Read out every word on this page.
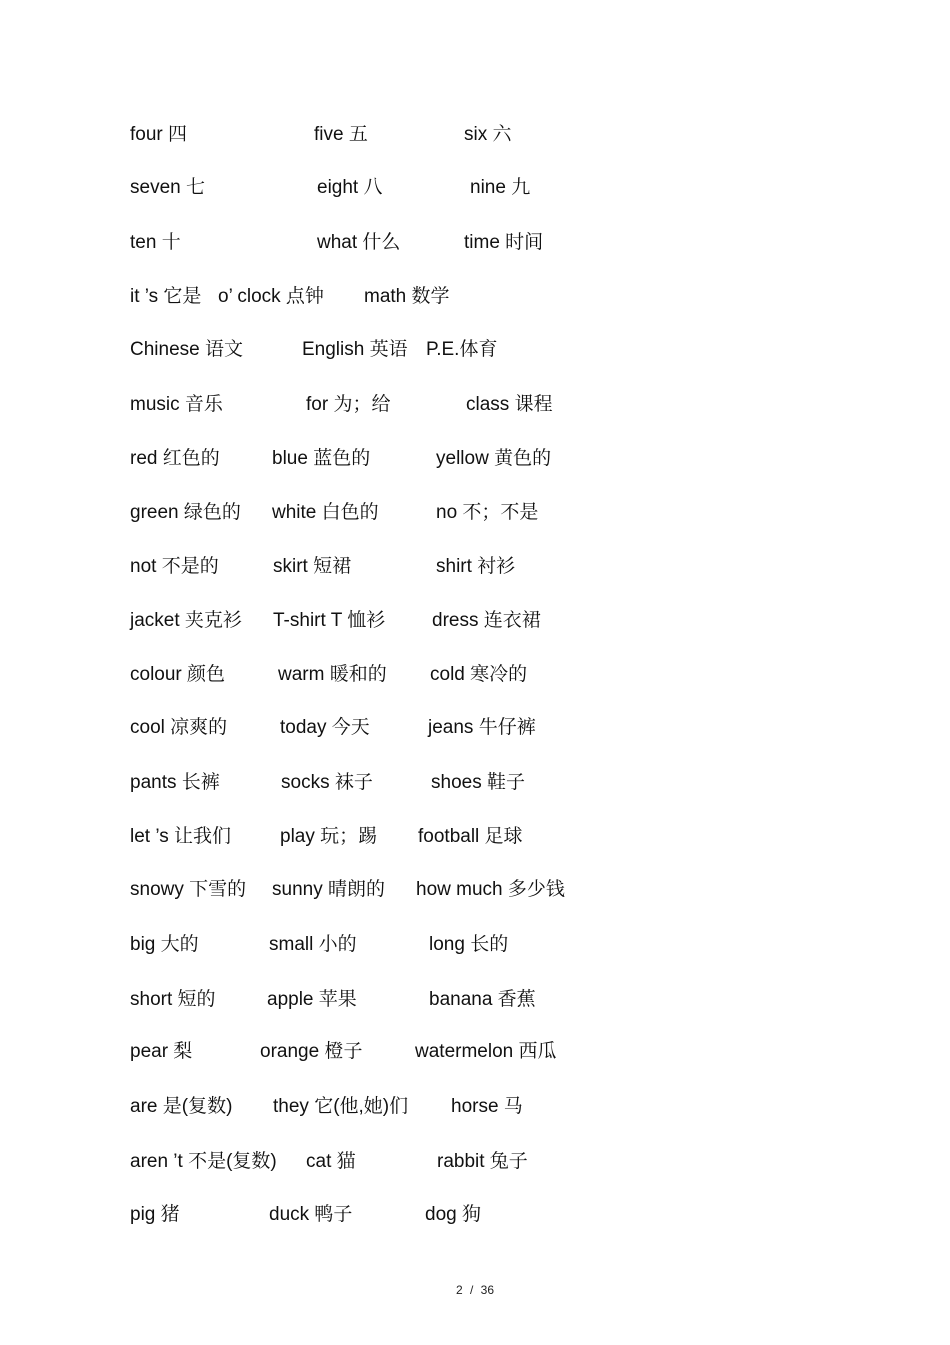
four 四	five 五	six 六
seven 七	eight 八	nine 九
ten 十	what 什么	time 时间
it ’s 它是 o’ clock 点钟 math 数学
Chinese 语文	English 英语 P.E.体育
music 音乐	for 为；给	class 课程
red 红色的	blue 蓝色的	yellow 黄色的
green 绿色的 white 白色的	no 不；不是
not 不是的	skirt 短裙	shirt 衬衫
jacket 夹克衫 T-shirt T 恤衫 dress 连衣裙
colour 颜色	warm 暖和的 cold 寒冷的
cool 凉爽的	today 今天	jeans 牛仔裤
pants 长裤	socks 袜子	shoes 鞋子
let ’s 让我们	play 玩；踢 football 足球
snowy 下雪的 sunny 晴朗的 how much 多少钱
big 大的	small 小的	long 长的
short 短的	apple 苹果	banana 香蕉
pear 梨	orange 橙子	watermelon 西瓜
are 是(复数) they 它(他,她)们 horse 马
aren ’t 不是(复数) cat 猫	rabbit 兔子
pig 猪	duck 鸭子	dog 狗
2 / 36
